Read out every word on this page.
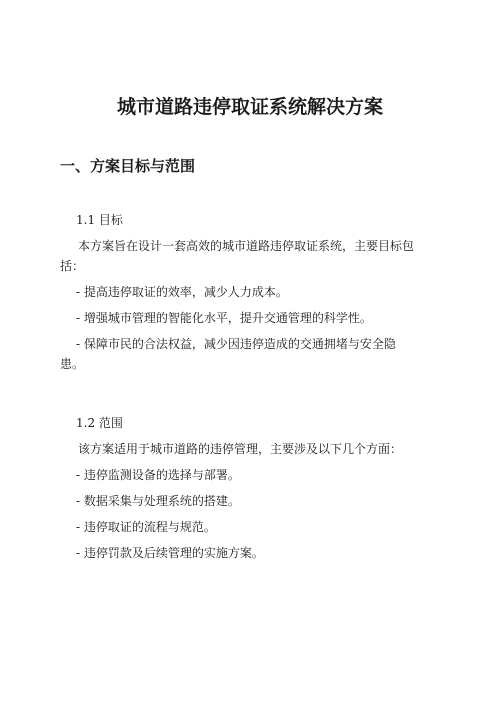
城市道路违停取证系统解决方案
一、方案目标与范围

1.1 目标

本方案旨在设计一套高效的城市道路违停取证系统，主要目标包

括：

- 提高违停取证的效率，减少人力成本。
- 增强城市管理的智能化水平，提升交通管理的科学性。
- 保障市民的合法权益，减少因违停造成的交通拥堵与安全隐

患。

1.2 范围

该方案适用于城市道路的违停管理，主要涉及以下几个方面：

- 违停监测设备的选择与部署。
- 数据采集与处理系统的搭建。
- 违停取证的流程与规范。
- 违停罚款及后续管理的实施方案。
